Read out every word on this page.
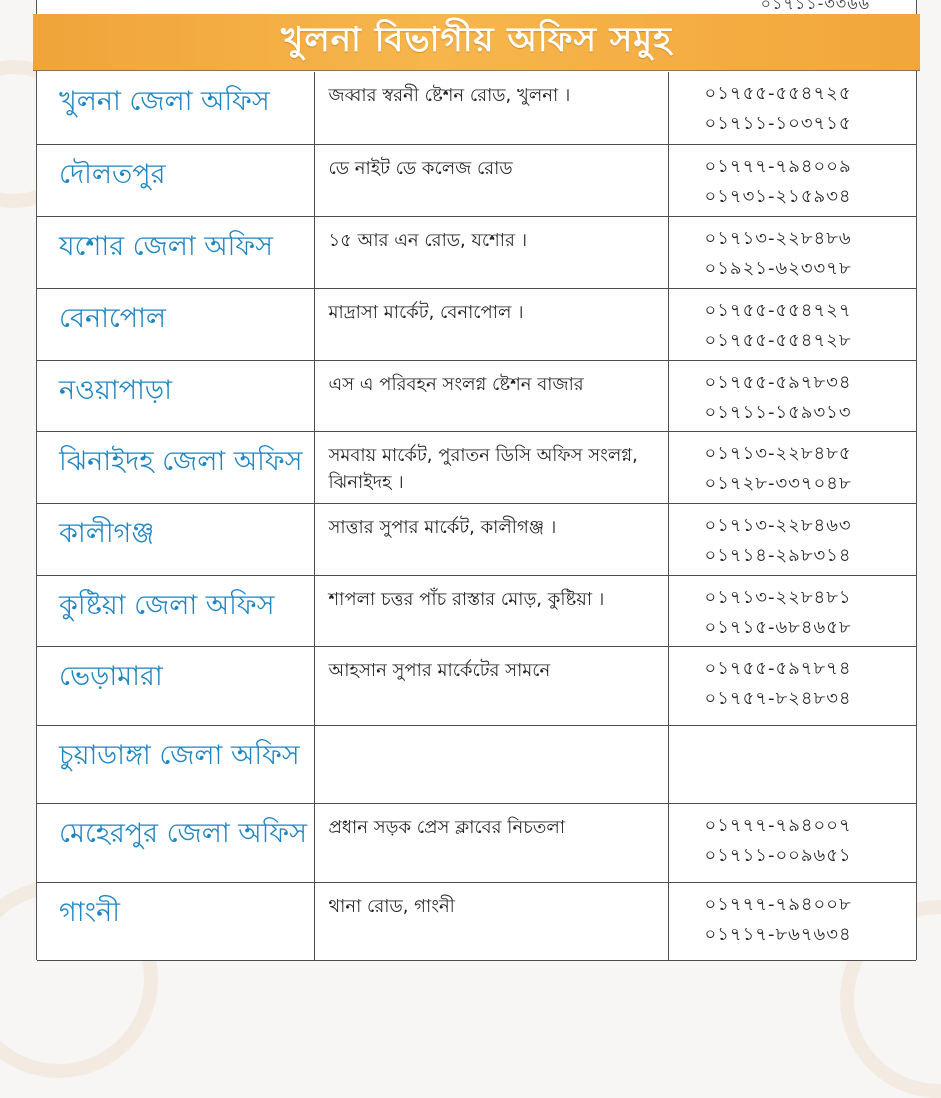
০১৭১১-৩৩৬৬
খুলনা বিভাগীয় অফিস সমুহ
খুলনা জেলা অফিস	জব্বার স্বরনী ষ্টেশন রোড, খুলনা ।	০১৭৫৫-৫৫৪৭২৫
০১৭১১-১০৩৭১৫

দৌলতপুর	ডে নাইট ডে কলেজ রোড	০১৭৭৭-৭৯৪০০৯
০১৭৩১-২১৫৯৩৪

যশোর জেলা অফিস	১৫ আর এন রোড, যশোর ।	০১৭১৩-২২৮৪৮৬
০১৯২১-৬২৩৩৭৮

বেনাপোল	মাদ্রাসা মার্কেট, বেনাপোল ।	০১৭৫৫-৫৫৪৭২৭
০১৭৫৫-৫৫৪৭২৮

নওয়াপাড়া	এস এ পরিবহন সংলগ্ন ষ্টেশন বাজার	০১৭৫৫-৫৯৭৮৩৪
০১৭১১-১৫৯৩১৩

ঝিনাইদহ জেলা অফিস	সমবায় মার্কেট, পুরাতন ডিসি অফিস সংলগ্ন, ঝিনাইদহ ।	০১৭১৩-২২৮৪৮৫
০১৭২৮-৩৩৭০৪৮

কালীগঞ্জ	সাত্তার সুপার মার্কেট, কালীগঞ্জ ।	০১৭১৩-২২৮৪৬৩
০১৭১৪-২৯৮৩১৪

কুষ্টিয়া জেলা অফিস	শাপলা চত্তর পাঁচ রাস্তার মোড়, কুষ্টিয়া ।	০১৭১৩-২২৮৪৮১
০১৭১৫-৬৮৪৬৫৮

ভেড়ামারা	আহসান সুপার মার্কেটের সামনে	০১৭৫৫-৫৯৭৮৭৪
০১৭৫৭-৮২৪৮৩৪

চুয়াডাঙ্গা জেলা অফিস		
মেহেরপুর জেলা অফিস	প্রধান সড়ক প্রেস ক্লাবের নিচতলা	০১৭৭৭-৭৯৪০০৭
০১৭১১-০০৯৬৫১

গাংনী	থানা রোড, গাংনী	০১৭৭৭-৭৯৪০০৮
০১৭১৭-৮৬৭৬৩৪
